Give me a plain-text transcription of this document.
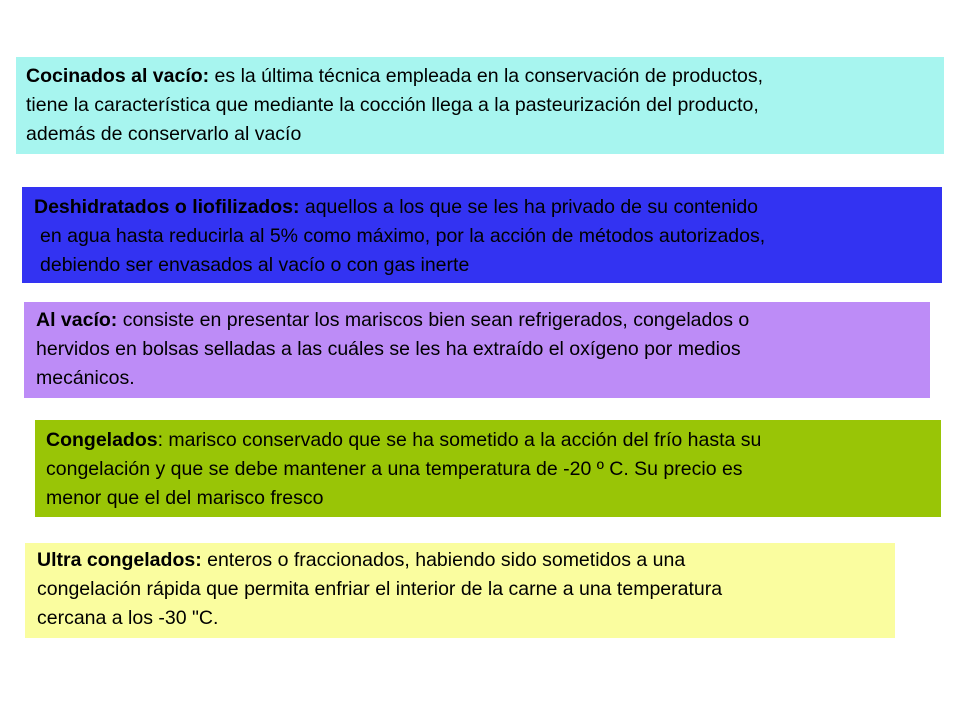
Cocinados al vacío: es la última técnica empleada en la conservación de productos,
tiene la característica que mediante la cocción llega a la pasteurización del producto,
además de conservarlo al vacío
Deshidratados o liofilizados: aquellos a los que se les ha privado de su contenido
en agua hasta reducirla al 5% como máximo, por la acción de métodos autorizados,
debiendo ser envasados al vacío o con gas inerte
Al vacío: consiste en presentar los mariscos bien sean refrigerados, congelados o
hervidos en bolsas selladas a las cuáles se les ha extraído el oxígeno por medios
mecánicos.
Congelados: marisco conservado que se ha sometido a la acción del frío hasta su
congelación y que se debe mantener a una temperatura de -20 º C. Su precio es
menor que el del marisco fresco
Ultra congelados: enteros o fraccionados, habiendo sido sometidos a una
congelación rápida que permita enfriar el interior de la carne a una temperatura
cercana a los -30 "C.
